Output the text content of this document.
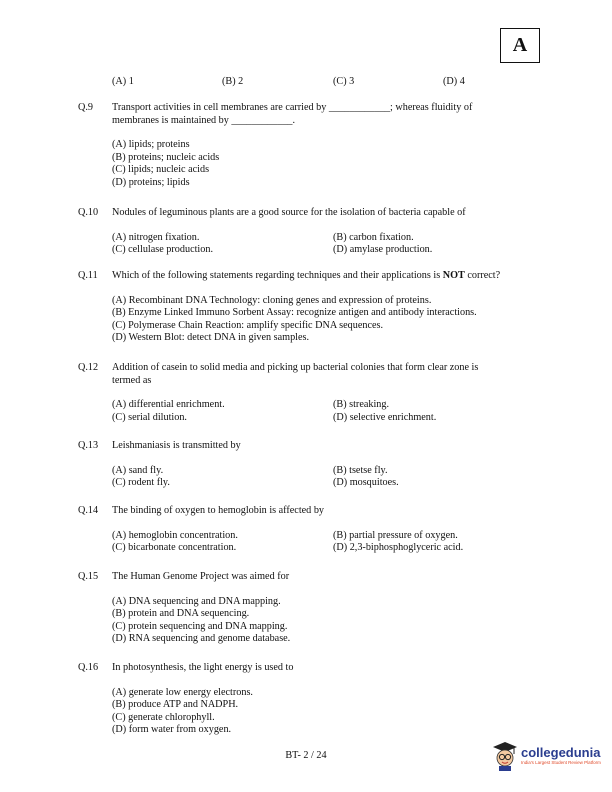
A
(A) 1	(B) 2	(C) 3	(D) 4
Q.9 Transport activities in cell membranes are carried by ____________; whereas fluidity of
membranes is maintained by ____________.
(A) lipids; proteins
(B) proteins; nucleic acids
(C) lipids; nucleic acids
(D) proteins; lipids
Q.10 Nodules of leguminous plants are a good source for the isolation of bacteria capable of
(A) nitrogen fixation.	(B) carbon fixation.
(C) cellulase production.	(D) amylase production.
Q.11 Which of the following statements regarding techniques and their applications is NOT correct?
(A) Recombinant DNA Technology: cloning genes and expression of proteins.
(B) Enzyme Linked Immuno Sorbent Assay: recognize antigen and antibody interactions.
(C) Polymerase Chain Reaction: amplify specific DNA sequences.
(D) Western Blot: detect DNA in given samples.
Q.12 Addition of casein to solid media and picking up bacterial colonies that form clear zone is
termed as
(A) differential enrichment.	(B) streaking.
(C) serial dilution.	(D) selective enrichment.
Q.13 Leishmaniasis is transmitted by
(A) sand fly.	(B) tsetse fly.
(C) rodent fly.	(D) mosquitoes.
Q.14 The binding of oxygen to hemoglobin is affected by
(A) hemoglobin concentration.	(B) partial pressure of oxygen.
(C) bicarbonate concentration.	(D) 2,3-biphosphoglyceric acid.
Q.15 The Human Genome Project was aimed for
(A) DNA sequencing and DNA mapping.
(B) protein and DNA sequencing.
(C) protein sequencing and DNA mapping.
(D) RNA sequencing and genome database.
Q.16 In photosynthesis, the light energy is used to
(A) generate low energy electrons.
(B) produce ATP and NADPH.
(C) generate chlorophyll.
(D) form water from oxygen.
BT- 2 / 24	collegedunia
India's Largest Student Review Platform
